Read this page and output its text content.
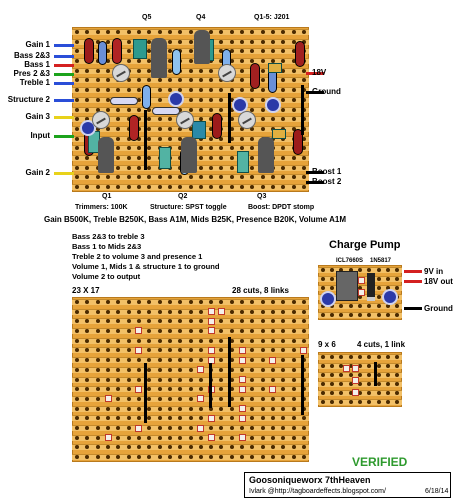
Q5	Q4	Q1-5: J201
Q1	Q2	Q3
Gain 1
Bass 2&3
Bass 1
Pres 2 &3
Treble 1
Structure 2
Gain 3
Input
Gain 2
18V
Ground
Boost 1
Boost 2
Trimmers: 100K	Structure: SPST toggle	Boost: DPDT stomp
Gain B500K, Treble B250K, Bass A1M, Mids B25K, Presence B20K, Volume A1M
Bass 2&3 to treble 3
Bass 1 to Mids 2&3
Treble 2 to volume 3 and presence 1
Volume 1, Mids 1 & structure 1 to ground
Volume 2 to output
Charge Pump
ICL7660S 1N5817
9V in
18V out
Ground
23 X 17	28 cuts, 8 links
9 x 6	4 cuts, 1 link
VERIFIED
Goosoniqueworx 7thHeaven
Ivlark @http://tagboardeffects.blogspot.com/	6/18/14
